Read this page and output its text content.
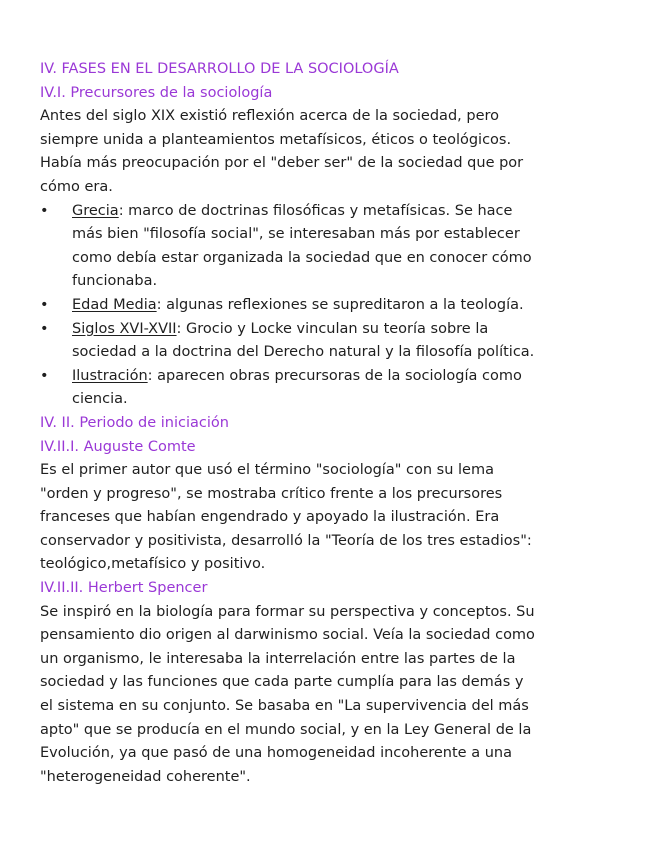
IV. FASES EN EL DESARROLLO DE LA SOCIOLOGÍA
IV.I. Precursores de la sociología
Antes del siglo XIX existió reflexión acerca de la sociedad, pero
siempre unida a planteamientos metafísicos, éticos o teológicos.
Había más preocupación por el "deber ser" de la sociedad que por
cómo era.
• Grecia: marco de doctrinas filosóficas y metafísicas. Se hace
más bien "filosofía social", se interesaban más por establecer
como debía estar organizada la sociedad que en conocer cómo
funcionaba.
• Edad Media: algunas reflexiones se supreditaron a la teología.
• Siglos XVI-XVII: Grocio y Locke vinculan su teoría sobre la
sociedad a la doctrina del Derecho natural y la filosofía política.
• Ilustración: aparecen obras precursoras de la sociología como
ciencia.
IV. II. Periodo de iniciación
IV.II.I. Auguste Comte
Es el primer autor que usó el término "sociología" con su lema
"orden y progreso", se mostraba crítico frente a los precursores
franceses que habían engendrado y apoyado la ilustración. Era
conservador y positivista, desarrolló la "Teoría de los tres estadios":
teológico,metafísico y positivo.
IV.II.II. Herbert Spencer
Se inspiró en la biología para formar su perspectiva y conceptos. Su
pensamiento dio origen al darwinismo social. Veía la sociedad como
un organismo, le interesaba la interrelación entre las partes de la
sociedad y las funciones que cada parte cumplía para las demás y
el sistema en su conjunto. Se basaba en "La supervivencia del más
apto" que se producía en el mundo social, y en la Ley General de la
Evolución, ya que pasó de una homogeneidad incoherente a una
"heterogeneidad coherente".
